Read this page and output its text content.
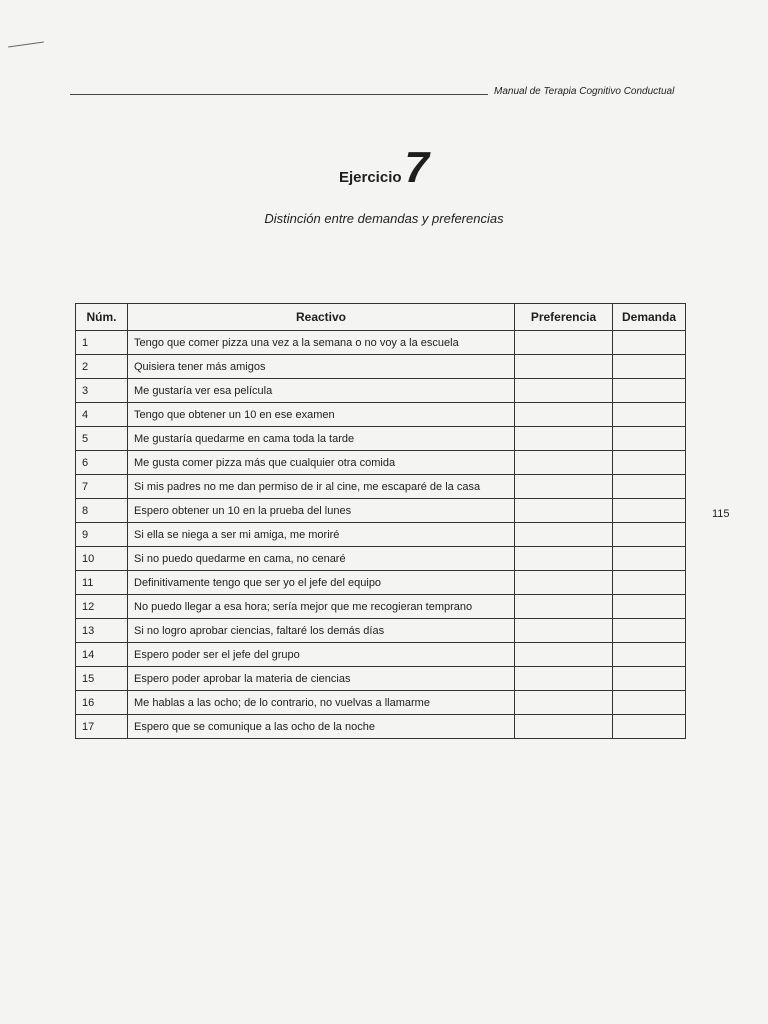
Manual de Terapia Cognitivo Conductual
Ejercicio7
Distinción entre demandas y preferencias
Núm.	Reactivo	Preferencia	Demanda
1	Tengo que comer pizza una vez a la semana o no voy a la escuela		
2	Quisiera tener más amigos		
3	Me gustaría ver esa película		
4	Tengo que obtener un 10 en ese examen		
5	Me gustaría quedarme en cama toda la tarde		
6	Me gusta comer pizza más que cualquier otra comida		
7	Si mis padres no me dan permiso de ir al cine, me escaparé de la casa		
8	Espero obtener un 10 en la prueba del lunes		
9	Si ella se niega a ser mi amiga, me moriré		
10	Si no puedo quedarme en cama, no cenaré		
11	Definitivamente tengo que ser yo el jefe del equipo		
12	No puedo llegar a esa hora; sería mejor que me recogieran temprano		
13	Si no logro aprobar ciencias, faltaré los demás días		
14	Espero poder ser el jefe del grupo		
15	Espero poder aprobar la materia de ciencias		
16	Me hablas a las ocho; de lo contrario, no vuelvas a llamarme		
17	Espero que se comunique a las ocho de la noche		
115
